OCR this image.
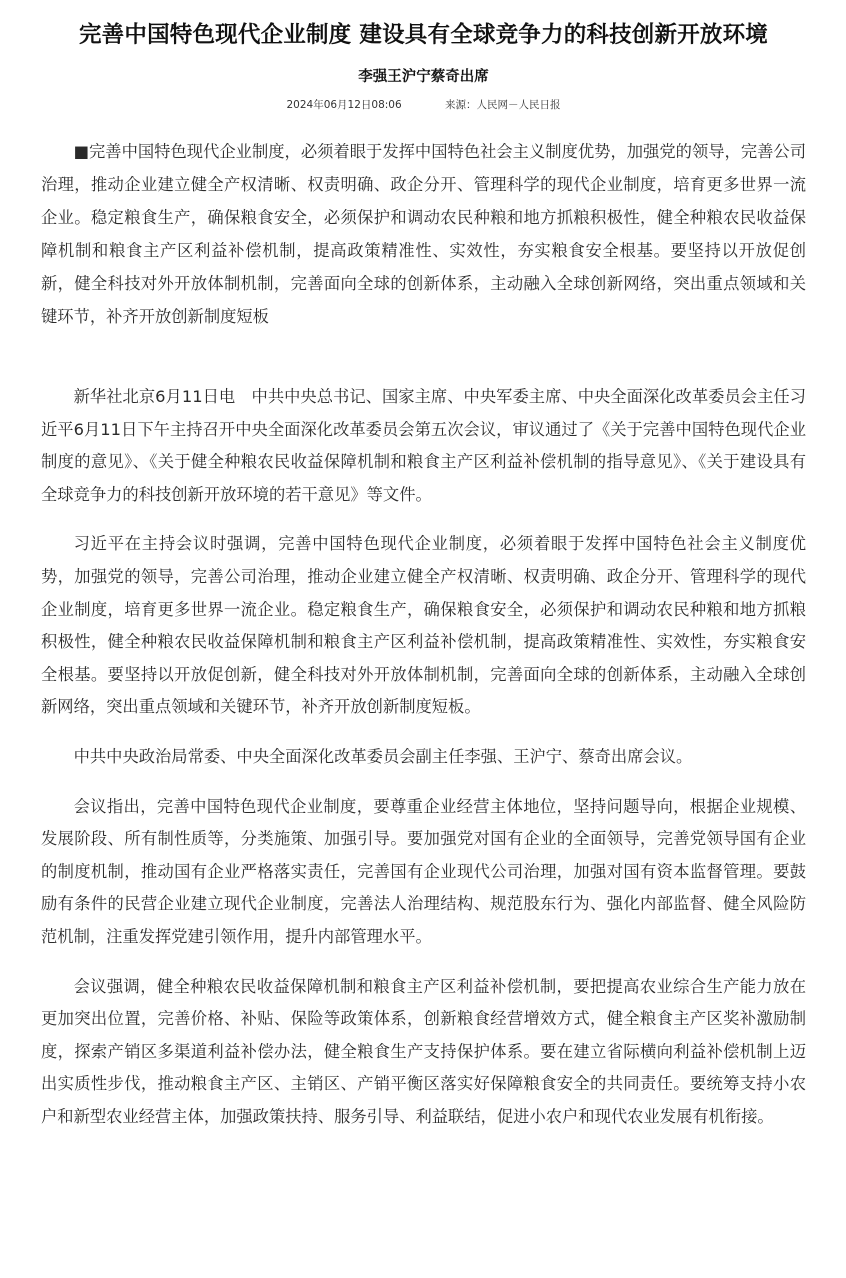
完善中国特色现代企业制度 建设具有全球竞争力的科技创新开放环境
李强王沪宁蔡奇出席
2024年06月12日08:06	来源：人民网－人民日报

■完善中国特色现代企业制度，必须着眼于发挥中国特色社会主义制度优势，加强党的领导，完善公司治理，推动企业建立健全产权清晰、权责明确、政企分开、管理科学的现代企业制度，培育更多世界一流企业。稳定粮食生产，确保粮食安全，必须保护和调动农民种粮和地方抓粮积极性，健全种粮农民收益保障机制和粮食主产区利益补偿机制，提高政策精准性、实效性，夯实粮食安全根基。要坚持以开放促创新，健全科技对外开放体制机制，完善面向全球的创新体系，主动融入全球创新网络，突出重点领域和关键环节，补齐开放创新制度短板

新华社北京6月11日电　中共中央总书记、国家主席、中央军委主席、中央全面深化改革委员会主任习近平6月11日下午主持召开中央全面深化改革委员会第五次会议，审议通过了《关于完善中国特色现代企业制度的意见》、《关于健全种粮农民收益保障机制和粮食主产区利益补偿机制的指导意见》、《关于建设具有全球竞争力的科技创新开放环境的若干意见》等文件。

习近平在主持会议时强调，完善中国特色现代企业制度，必须着眼于发挥中国特色社会主义制度优势，加强党的领导，完善公司治理，推动企业建立健全产权清晰、权责明确、政企分开、管理科学的现代企业制度，培育更多世界一流企业。稳定粮食生产，确保粮食安全，必须保护和调动农民种粮和地方抓粮积极性，健全种粮农民收益保障机制和粮食主产区利益补偿机制，提高政策精准性、实效性，夯实粮食安全根基。要坚持以开放促创新，健全科技对外开放体制机制，完善面向全球的创新体系，主动融入全球创新网络，突出重点领域和关键环节，补齐开放创新制度短板。

中共中央政治局常委、中央全面深化改革委员会副主任李强、王沪宁、蔡奇出席会议。

会议指出，完善中国特色现代企业制度，要尊重企业经营主体地位，坚持问题导向，根据企业规模、发展阶段、所有制性质等，分类施策、加强引导。要加强党对国有企业的全面领导，完善党领导国有企业的制度机制，推动国有企业严格落实责任，完善国有企业现代公司治理，加强对国有资本监督管理。要鼓励有条件的民营企业建立现代企业制度，完善法人治理结构、规范股东行为、强化内部监督、健全风险防范机制，注重发挥党建引领作用，提升内部管理水平。

会议强调，健全种粮农民收益保障机制和粮食主产区利益补偿机制，要把提高农业综合生产能力放在更加突出位置，完善价格、补贴、保险等政策体系，创新粮食经营增效方式，健全粮食主产区奖补激励制度，探索产销区多渠道利益补偿办法，健全粮食生产支持保护体系。要在建立省际横向利益补偿机制上迈出实质性步伐，推动粮食主产区、主销区、产销平衡区落实好保障粮食安全的共同责任。要统筹支持小农户和新型农业经营主体，加强政策扶持、服务引导、利益联结，促进小农户和现代农业发展有机衔接。
